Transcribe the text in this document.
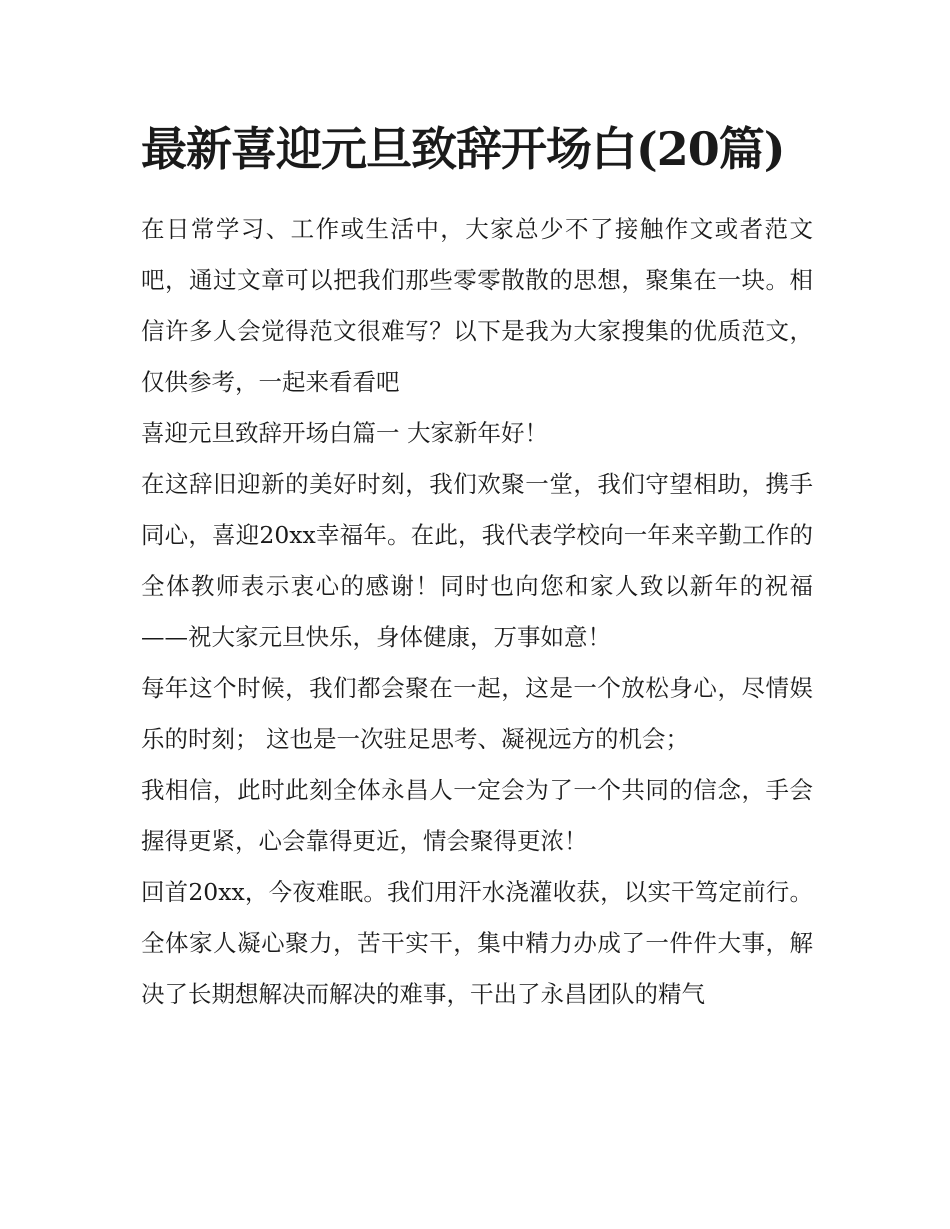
最新喜迎元旦致辞开场白(20篇)

在日常学习、工作或生活中，大家总少不了接触作文或者范文吧，通过文章可以把我们那些零零散散的思想，聚集在一块。相信许多人会觉得范文很难写？以下是我为大家搜集的优质范文，仅供参考，一起来看看吧

喜迎元旦致辞开场白篇一 大家新年好！

在这辞旧迎新的美好时刻，我们欢聚一堂，我们守望相助，携手同心，喜迎20xx幸福年。在此，我代表学校向一年来辛勤工作的全体教师表示衷心的感谢！同时也向您和家人致以新年的祝福——祝大家元旦快乐，身体健康，万事如意！

每年这个时候，我们都会聚在一起，这是一个放松身心，尽情娱乐的时刻； 这也是一次驻足思考、凝视远方的机会；

我相信，此时此刻全体永昌人一定会为了一个共同的信念，手会握得更紧，心会靠得更近，情会聚得更浓！

回首20xx，今夜难眠。我们用汗水浇灌收获，以实干笃定前行。全体家人凝心聚力，苦干实干，集中精力办成了一件件大事，解决了长期想解决而解决的难事，干出了永昌团队的精气
